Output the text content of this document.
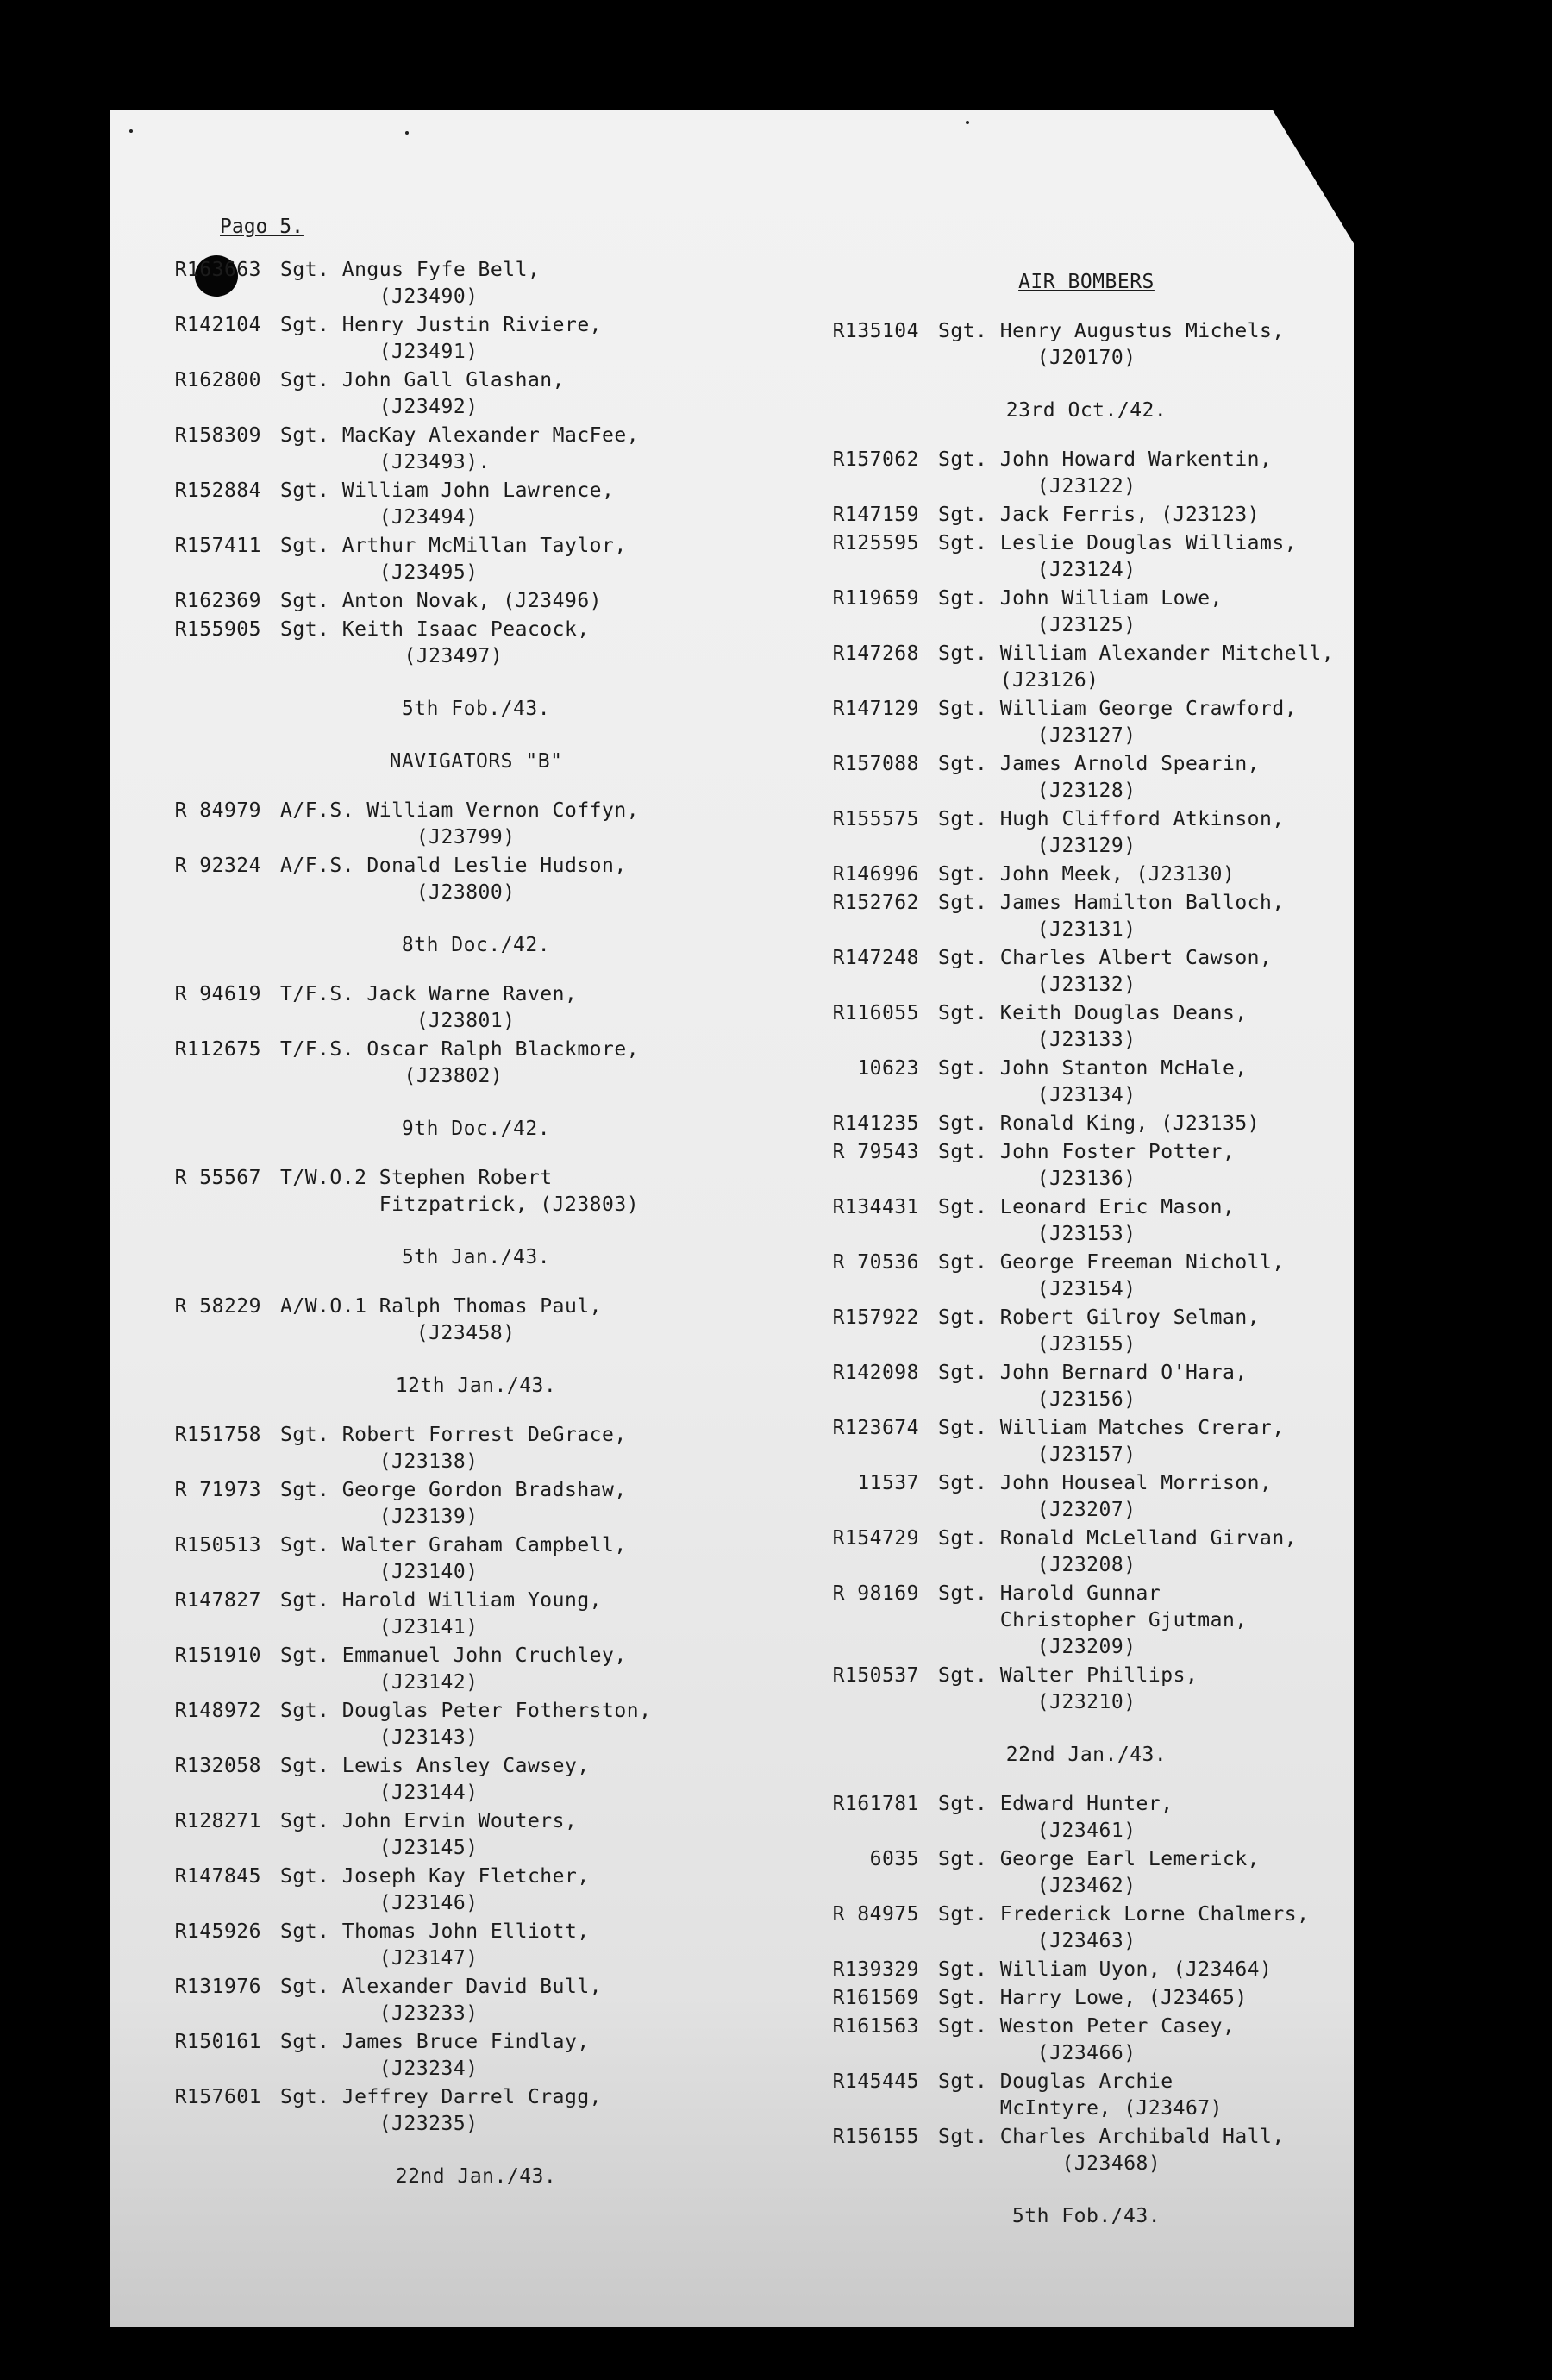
Pago 5.
R163663 Sgt. Angus Fyfe Bell,
(J23490)
R142104 Sgt. Henry Justin Riviere,
(J23491)
R162800 Sgt. John Gall Glashan,
(J23492)
R158309 Sgt. MacKay Alexander MacFee,
(J23493).
R152884 Sgt. William John Lawrence,
(J23494)
R157411 Sgt. Arthur McMillan Taylor,
(J23495)
R162369 Sgt. Anton Novak, (J23496)
R155905 Sgt. Keith Isaac Peacock,
(J23497)
5th Fob./43.
NAVIGATORS "B"
R 84979 A/F.S. William Vernon Coffyn,
(J23799)
R 92324 A/F.S. Donald Leslie Hudson,
(J23800)
8th Doc./42.
R 94619 T/F.S. Jack Warne Raven,
(J23801)
R112675 T/F.S. Oscar Ralph Blackmore,
(J23802)
9th Doc./42.
R 55567 T/W.O.2 Stephen Robert
Fitzpatrick, (J23803)
5th Jan./43.
R 58229 A/W.O.1 Ralph Thomas Paul,
(J23458)
12th Jan./43.
R151758 Sgt. Robert Forrest DeGrace,
(J23138)
R 71973 Sgt. George Gordon Bradshaw,
(J23139)
R150513 Sgt. Walter Graham Campbell,
(J23140)
R147827 Sgt. Harold William Young,
(J23141)
R151910 Sgt. Emmanuel John Cruchley,
(J23142)
R148972 Sgt. Douglas Peter Fotherston,
(J23143)
R132058 Sgt. Lewis Ansley Cawsey,
(J23144)
R128271 Sgt. John Ervin Wouters,
(J23145)
R147845 Sgt. Joseph Kay Fletcher,
(J23146)
R145926 Sgt. Thomas John Elliott,
(J23147)
R131976 Sgt. Alexander David Bull,
(J23233)
R150161 Sgt. James Bruce Findlay,
(J23234)
R157601 Sgt. Jeffrey Darrel Cragg,
(J23235)
22nd Jan./43.
AIR BOMBERS
R135104 Sgt. Henry Augustus Michels,
(J20170)
23rd Oct./42.
R157062 Sgt. John Howard Warkentin,
(J23122)
R147159 Sgt. Jack Ferris, (J23123)
R125595 Sgt. Leslie Douglas Williams,
(J23124)
R119659 Sgt. John William Lowe,
(J23125)
R147268 Sgt. William Alexander Mitchell,
(J23126)
R147129 Sgt. William George Crawford,
(J23127)
R157088 Sgt. James Arnold Spearin,
(J23128)
R155575 Sgt. Hugh Clifford Atkinson,
(J23129)
R146996 Sgt. John Meek, (J23130)
R152762 Sgt. James Hamilton Balloch,
(J23131)
R147248 Sgt. Charles Albert Cawson,
(J23132)
R116055 Sgt. Keith Douglas Deans,
(J23133)
10623 Sgt. John Stanton McHale,
(J23134)
R141235 Sgt. Ronald King, (J23135)
R 79543 Sgt. John Foster Potter,
(J23136)
R134431 Sgt. Leonard Eric Mason,
(J23153)
R 70536 Sgt. George Freeman Nicholl,
(J23154)
R157922 Sgt. Robert Gilroy Selman,
(J23155)
R142098 Sgt. John Bernard O'Hara,
(J23156)
R123674 Sgt. William Matches Crerar,
(J23157)
11537 Sgt. John Houseal Morrison,
(J23207)
R154729 Sgt. Ronald McLelland Girvan,
(J23208)
R 98169 Sgt. Harold Gunnar
Christopher Gjutman,
(J23209)
R150537 Sgt. Walter Phillips,
(J23210)
22nd Jan./43.
R161781 Sgt. Edward Hunter,
(J23461)
6035 Sgt. George Earl Lemerick,
(J23462)
R 84975 Sgt. Frederick Lorne Chalmers,
(J23463)
R139329 Sgt. William Uyon, (J23464)
R161569 Sgt. Harry Lowe, (J23465)
R161563 Sgt. Weston Peter Casey,
(J23466)
R145445 Sgt. Douglas Archie
McIntyre, (J23467)
R156155 Sgt. Charles Archibald Hall,
(J23468)
5th Fob./43.
